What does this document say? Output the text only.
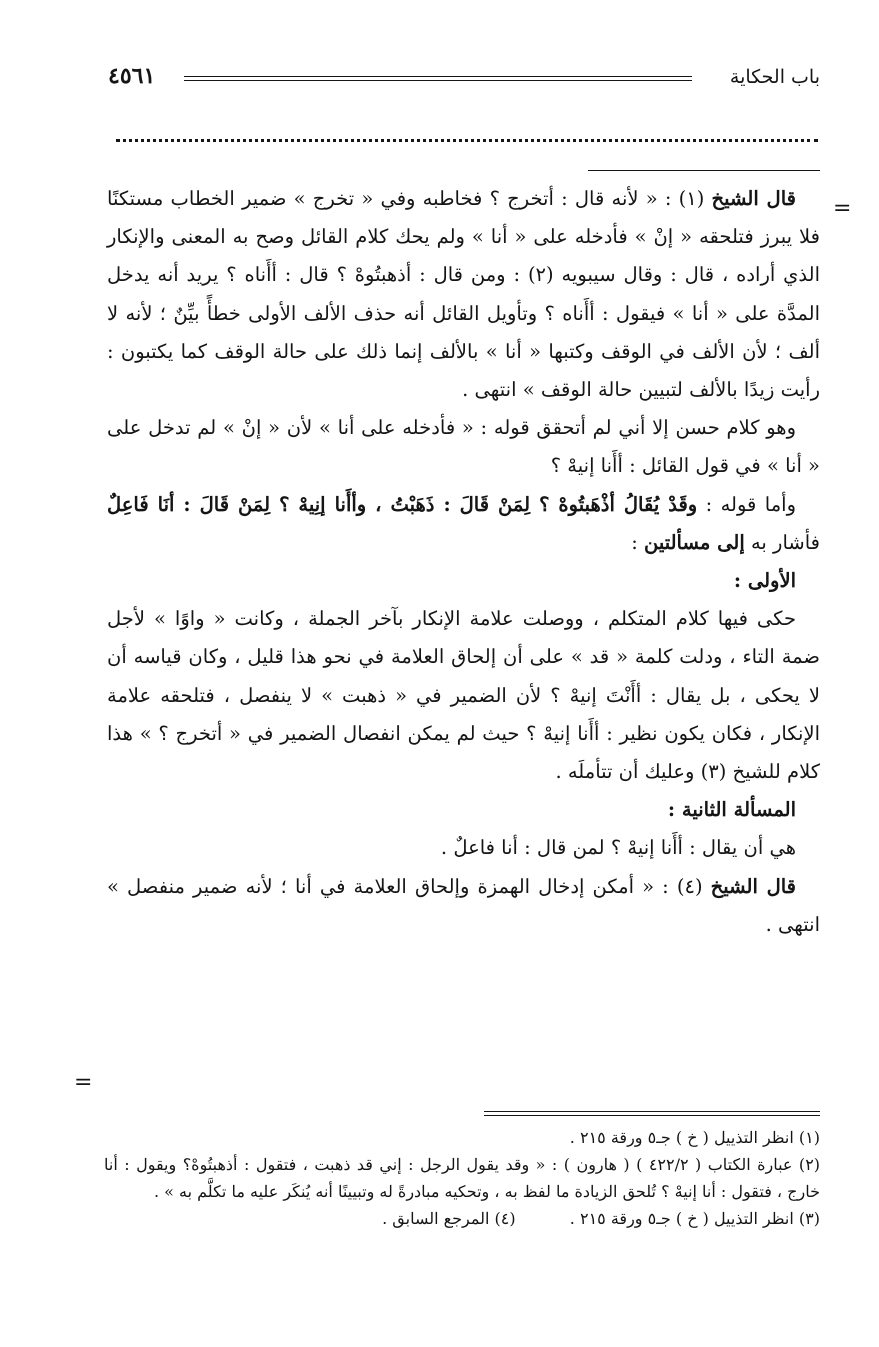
باب الحكاية
٤٥٦١
=
=

قال الشيخ (١) : « لأنه قال : أتخرج ؟ فخاطبه وفي « تخرج » ضمير الخطاب مستكنًا فلا يبرز فتلحقه « إنْ » فأدخله على « أنا » ولم يحك كلام القائل وصح به المعنى والإنكار الذي أراده ، قال : وقال سيبويه (٢) : ومن قال : أذهبتُوهْ ؟ قال : أأَناه ؟ يريد أنه يدخل المدَّة على « أنا » فيقول : أأَناه ؟ وتأويل القائل أنه حذف الألف الأولى خطأً بيِّنٌ ؛ لأنه لا ألف ؛ لأن الألف في الوقف وكتبها « أنا » بالألف إنما ذلك على حالة الوقف كما يكتبون : رأيت زيدًا بالألف لتبيين حالة الوقف » انتهى .

وهو كلام حسن إلا أني لم أتحقق قوله : « فأدخله على أنا » لأن « إنْ » لم تدخل على « أنا » في قول القائل : أأَنا إنيهْ ؟

وأما قوله : وقَدْ يُقَالُ أذْهَبتُوهْ ؟ لِمَنْ قَالَ : ذَهَبْتُ ، وأأَنا إنِيهْ ؟ لِمَنْ قَالَ : أنَا فَاعِلٌ فأشار به إلى مسألتين :

الأولى :

حكى فيها كلام المتكلم ، ووصلت علامة الإنكار بآخر الجملة ، وكانت « واوًا » لأجل ضمة التاء ، ودلت كلمة « قد » على أن إلحاق العلامة في نحو هذا قليل ، وكان قياسه أن لا يحكى ، بل يقال : أأَنْتَ إنيهْ ؟ لأن الضمير في « ذهبت » لا ينفصل ، فتلحقه علامة الإنكار ، فكان يكون نظير : أأَنا إنيهْ ؟ حيث لم يمكن انفصال الضمير في « أتخرج ؟ » هذا كلام للشيخ (٣) وعليك أن تتأملَه .

المسألة الثانية :

هي أن يقال : أأَنا إنيهْ ؟ لمن قال : أنا فاعلٌ .

قال الشيخ (٤) : « أمكن إدخال الهمزة وإلحاق العلامة في أنا ؛ لأنه ضمير منفصل » انتهى .

(١) انظر التذييل ( خ ) جـ٥ ورقة ٢١٥ .

(٢) عبارة الكتاب ( ٤٢٢/٢ ) ( هارون ) : « وقد يقول الرجل : إني قد ذهبت ، فتقول : أذهبتُوهْ؟ ويقول : أنا خارج ، فتقول : أنا إنيهْ ؟ تُلحق الزيادة ما لفظ به ، وتحكيه مبادرةً له وتبيينًا أنه يُنكَر عليه ما تكلَّم به » .

(٣) انظر التذييل ( خ ) جـ٥ ورقة ٢١٥ .  (٤) المرجع السابق .
